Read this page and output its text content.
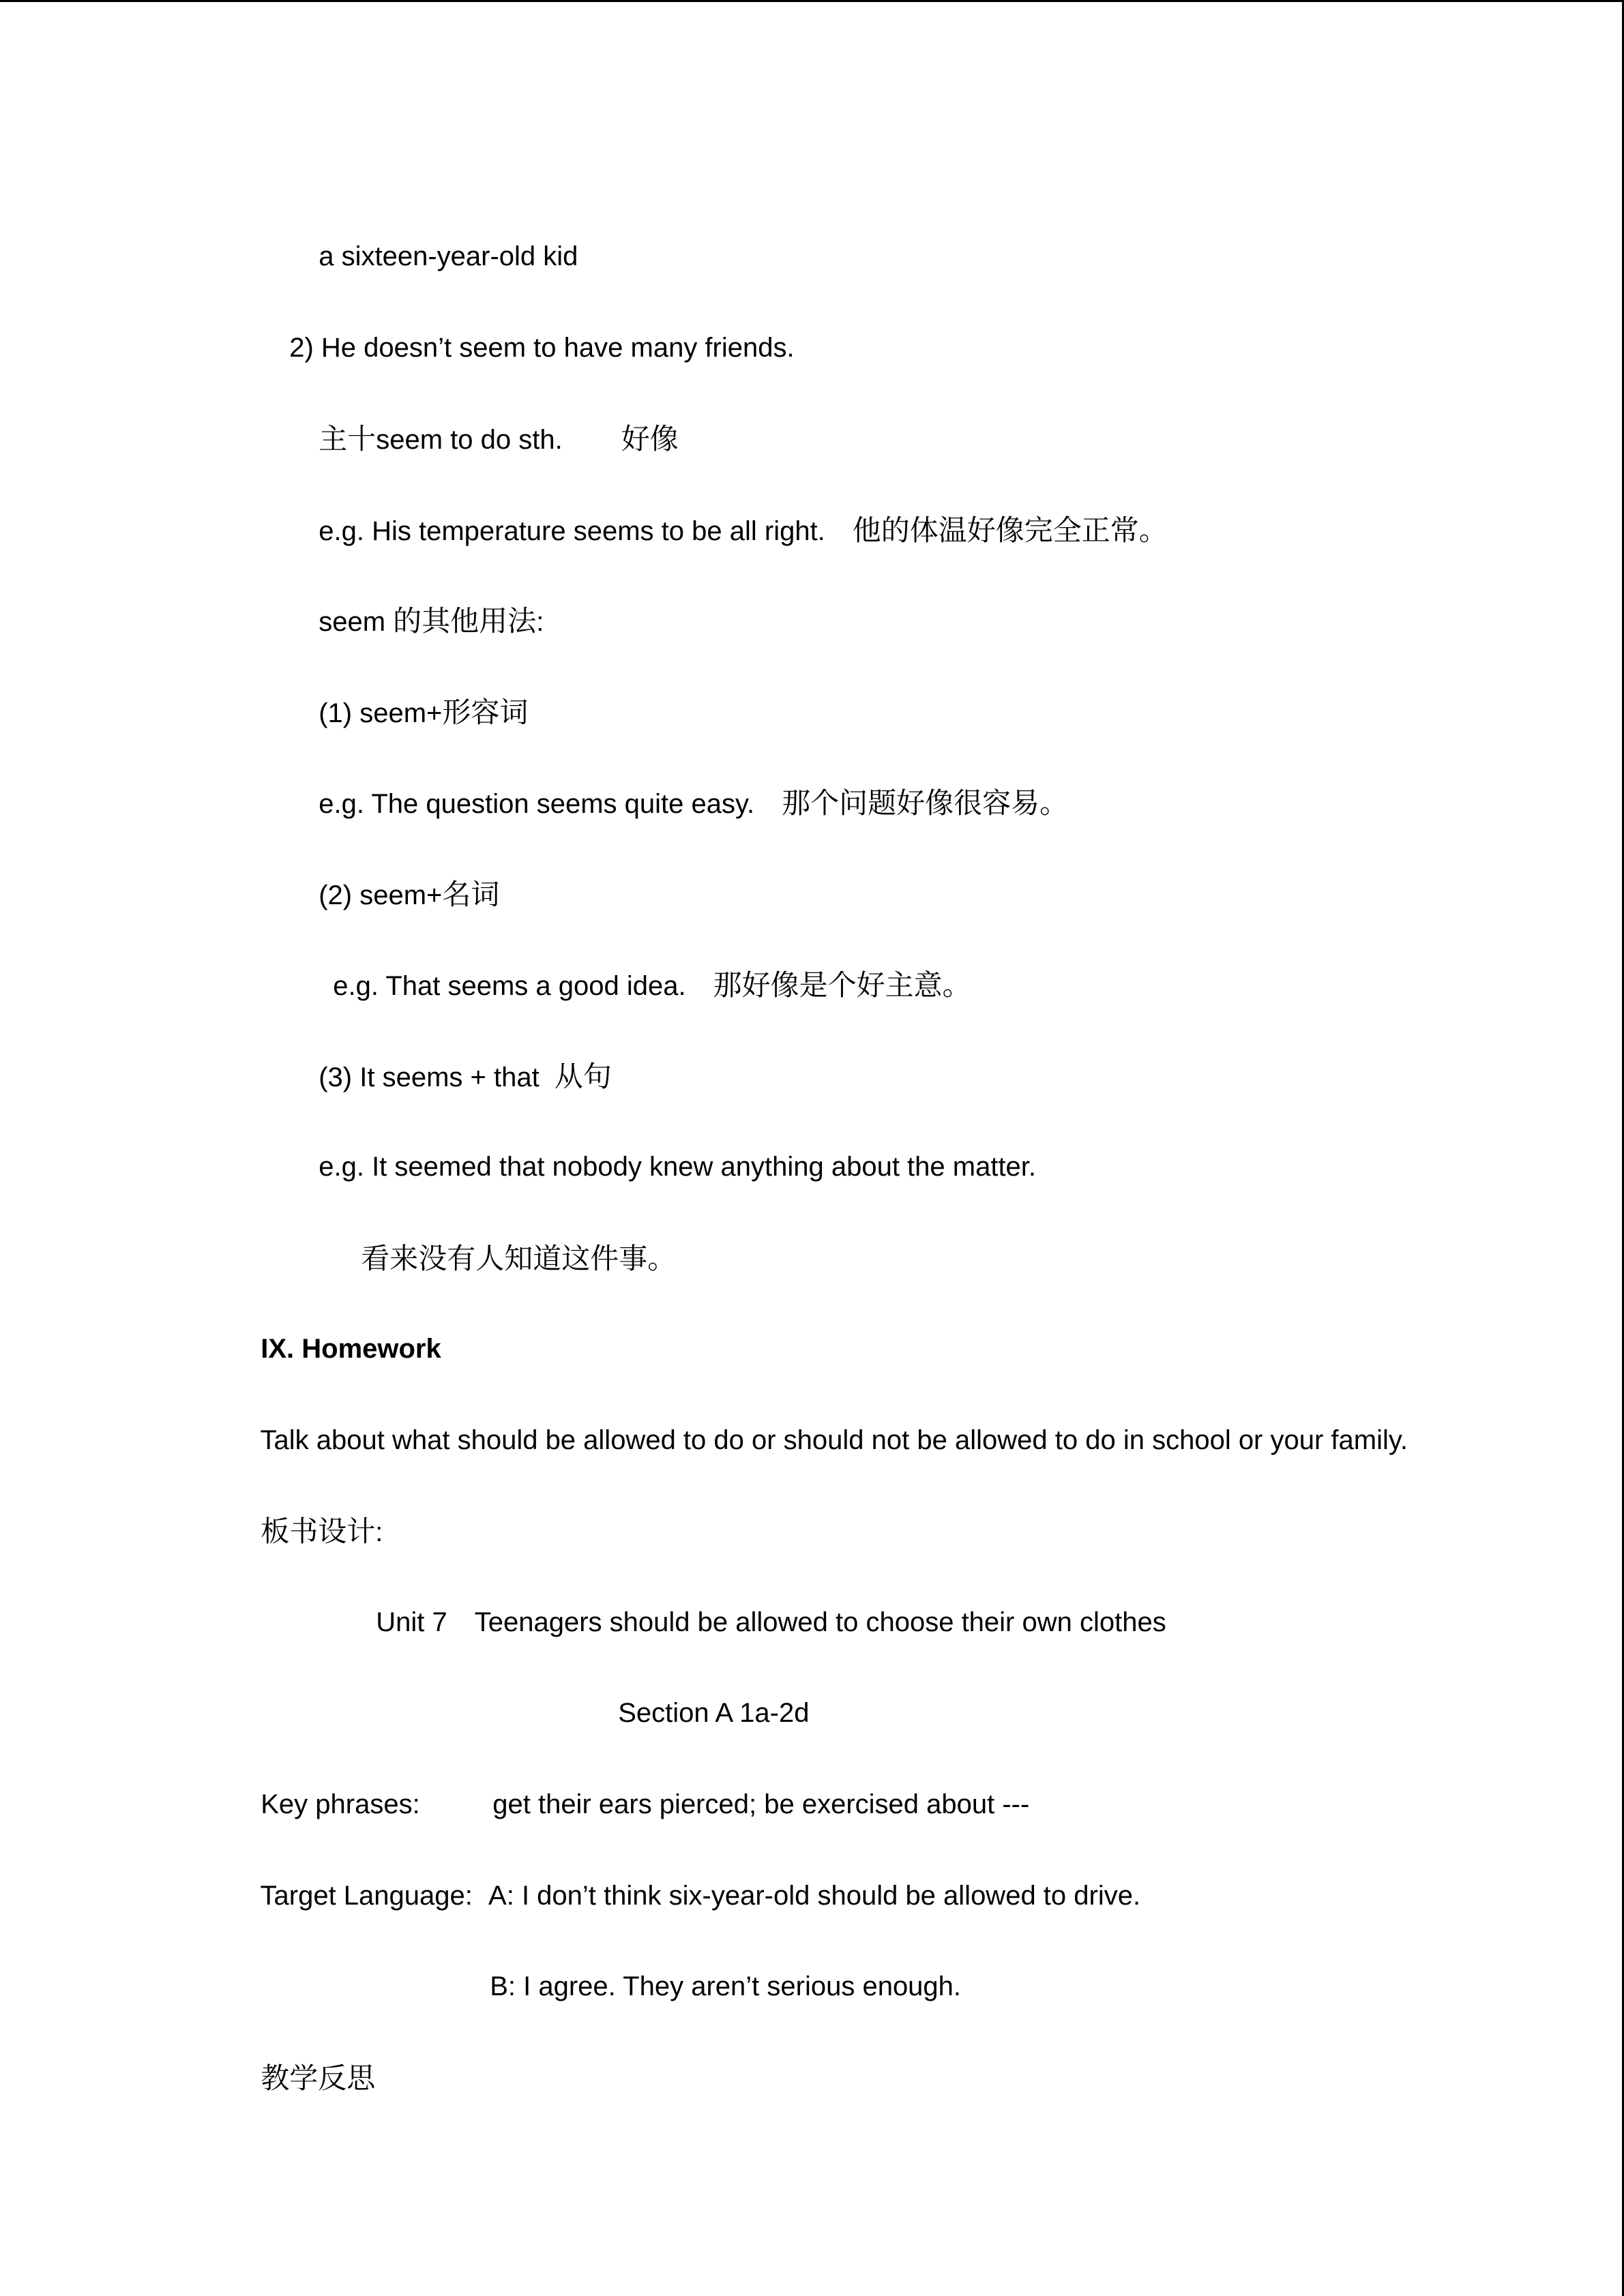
a sixteen-year-old kid

2) He doesn’t seem to have many friends.

主十seem to do sth. 好像

e.g. His temperature seems to be all right. 他的体温好像完全正常。

seem 的其他用法:

(1) seem+形容词

e.g. The question seems quite easy. 那个问题好像很容易。

(2) seem+名词

e.g. That seems a good idea. 那好像是个好主意。

(3) It seems + that 从句

e.g. It seemed that nobody knew anything about the matter.

看来没有人知道这件事。

IX. Homework

Talk about what should be allowed to do or should not be allowed to do in school or your family.

板书设计:

Unit 7 Teenagers should be allowed to choose their own clothes

Section A 1a-2d

Key phrases:	get their ears pierced; be exercised about ---

Target Language: A: I don’t think six-year-old should be allowed to drive.

B: I agree. They aren’t serious enough.

教学反思
